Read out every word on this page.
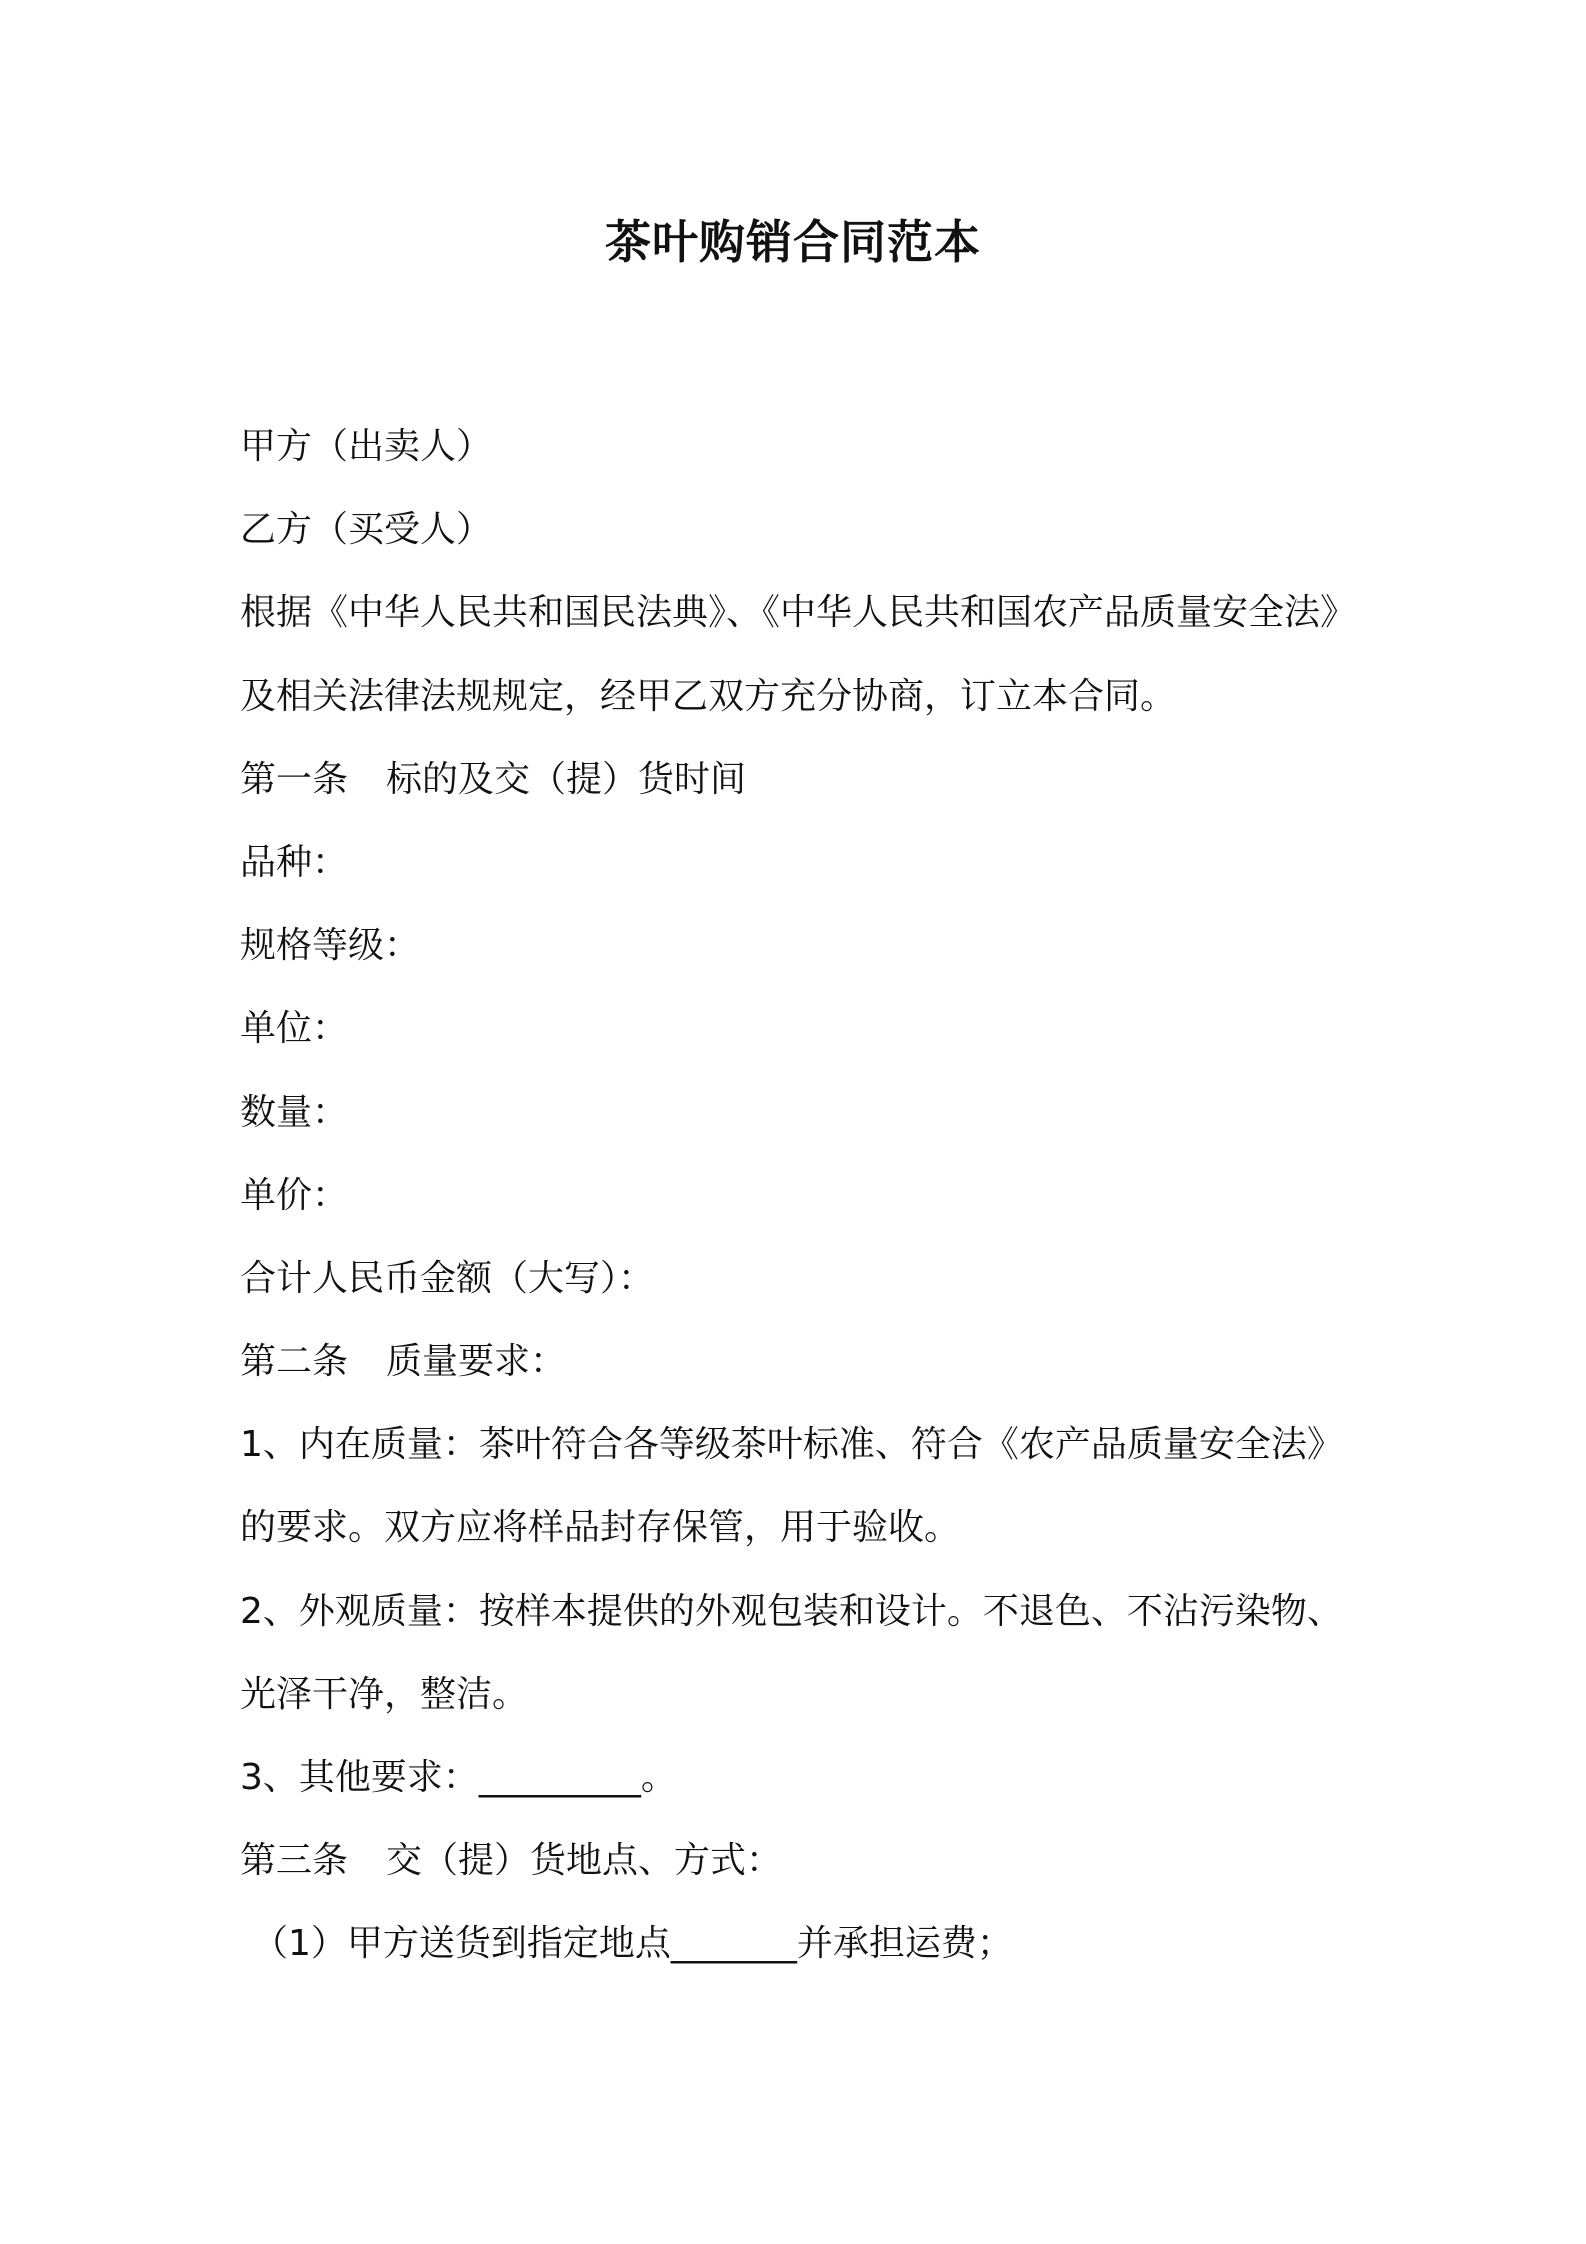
茶叶购销合同范本
甲方（出卖人）
乙方（买受人）
根据《中华人民共和国民法典》、《中华人民共和国农产品质量安全法》
及相关法律法规规定，经甲乙双方充分协商，订立本合同。
第一条 标的及交（提）货时间
品种：
规格等级：
单位：
数量：
单价：
合计人民币金额（大写）：
第二条 质量要求：
1、内在质量：茶叶符合各等级茶叶标准、符合《农产品质量安全法》
的要求。双方应将样品封存保管，用于验收。
2、外观质量：按样本提供的外观包装和设计。不退色、不沾污染物、
光泽干净，整洁。
3、其他要求：_________。
第三条 交（提）货地点、方式：
（1）甲方送货到指定地点_______并承担运费；
